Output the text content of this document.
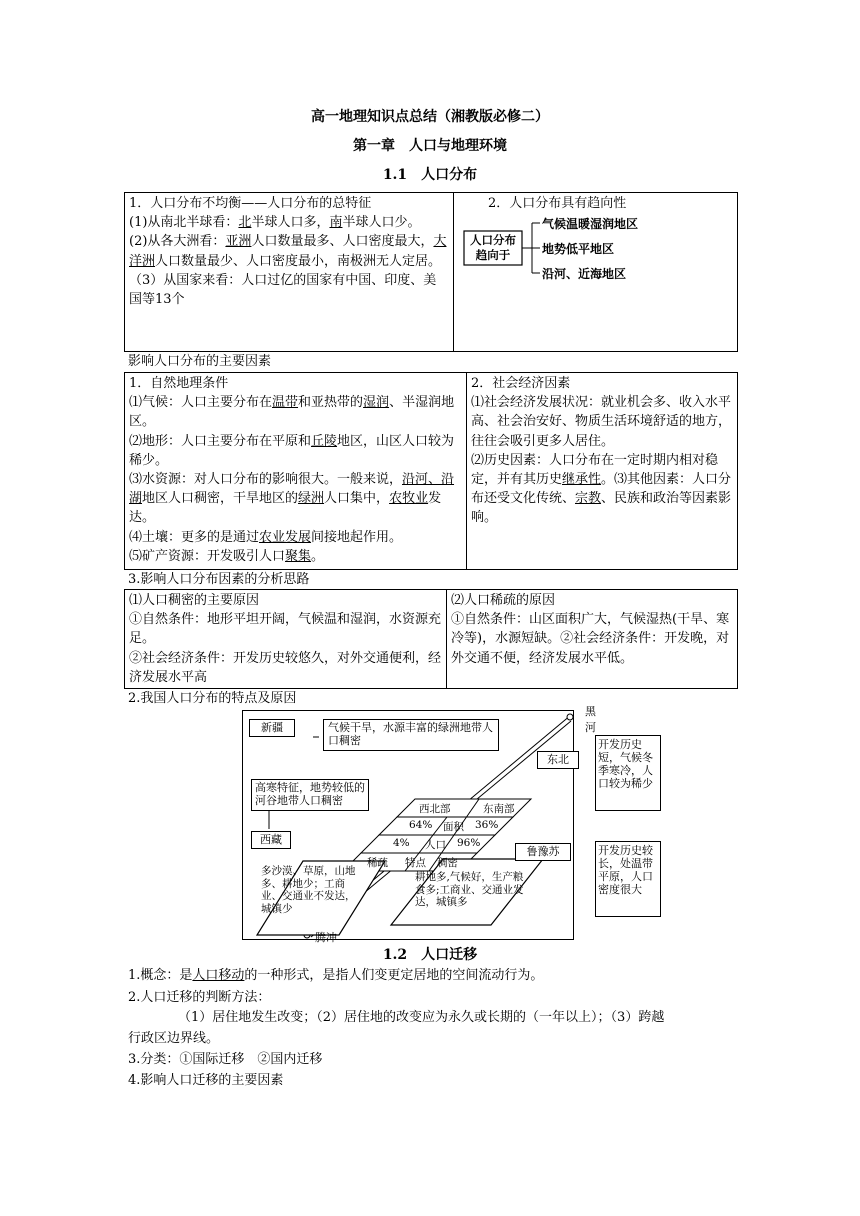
高一地理知识点总结（湘教版必修二）
第一章　人口与地理环境
1.1　人口分布
1．人口分布不均衡——人口分布的总特征
(1)从南北半球看：北半球人口多，南半球人口少。
(2)从各大洲看：亚洲人口数量最多、人口密度最大，大洋洲人口数量最少、人口密度最小，南极洲无人定居。
（3）从国家来看：人口过亿的国家有中国、印度、美国等13个

2．人口分布具有趋向性
人口分布趋向于
气候温暖湿润地区
地势低平地区
沿河、近海地区
影响人口分布的主要因素
1．自然地理条件
⑴气候：人口主要分布在温带和亚热带的湿润、半湿润地区。
⑵地形：人口主要分布在平原和丘陵地区，山区人口较为稀少。
⑶水资源：对人口分布的影响很大。一般来说，沿河、沿湖地区人口稠密，干旱地区的绿洲人口集中，农牧业发达。
⑷土壤：更多的是通过农业发展间接地起作用。
⑸矿产资源：开发吸引人口聚集。

2．社会经济因素
⑴社会经济发展状况：就业机会多、收入水平高、社会治安好、物质生活环境舒适的地方，往往会吸引更多人居住。
⑵历史因素：人口分布在一定时期内相对稳定，并有其历史继承性。⑶其他因素：人口分布还受文化传统、宗教、民族和政治等因素影响。
3.影响人口分布因素的分析思路
⑴人口稠密的主要原因
①自然条件：地形平坦开阔，气候温和湿润，水资源充足。
②社会经济条件：开发历史较悠久，对外交通便利，经济发展水平高

⑵人口稀疏的原因
①自然条件：山区面积广大，气候湿热(干旱、寒冷等)，水源短缺。②社会经济条件：开发晚，对外交通不便，经济发展水平低。
2.我国人口分布的特点及原因
新疆	气候干旱，水源丰富的绿洲地带人口稠密
黑河
东北
开发历史短，气候冬季寒冷，人口较为稀少
高寒特征，地势较低的河谷地带人口稠密
西藏
西北部	东南部
64% 面积 36%
4% 人口 96%
稀疏 特点 稠密
鲁豫苏	开发历史较长，处温带平原，人口密度很大
多沙漠、草原，山地多、耕地少；工商业、交通业不发达，城镇少
耕地多,气候好，生产粮食多;工商业、交通业发达，城镇多
腾冲
1.2　人口迁移
1.概念：是人口移动的一种形式，是指人们变更定居地的空间流动行为。
2.人口迁移的判断方法：
（1）居住地发生改变；（2）居住地的改变应为永久或长期的（一年以上）；（3）跨越
行政区边界线。
3.分类：①国际迁移　②国内迁移
4.影响人口迁移的主要因素
